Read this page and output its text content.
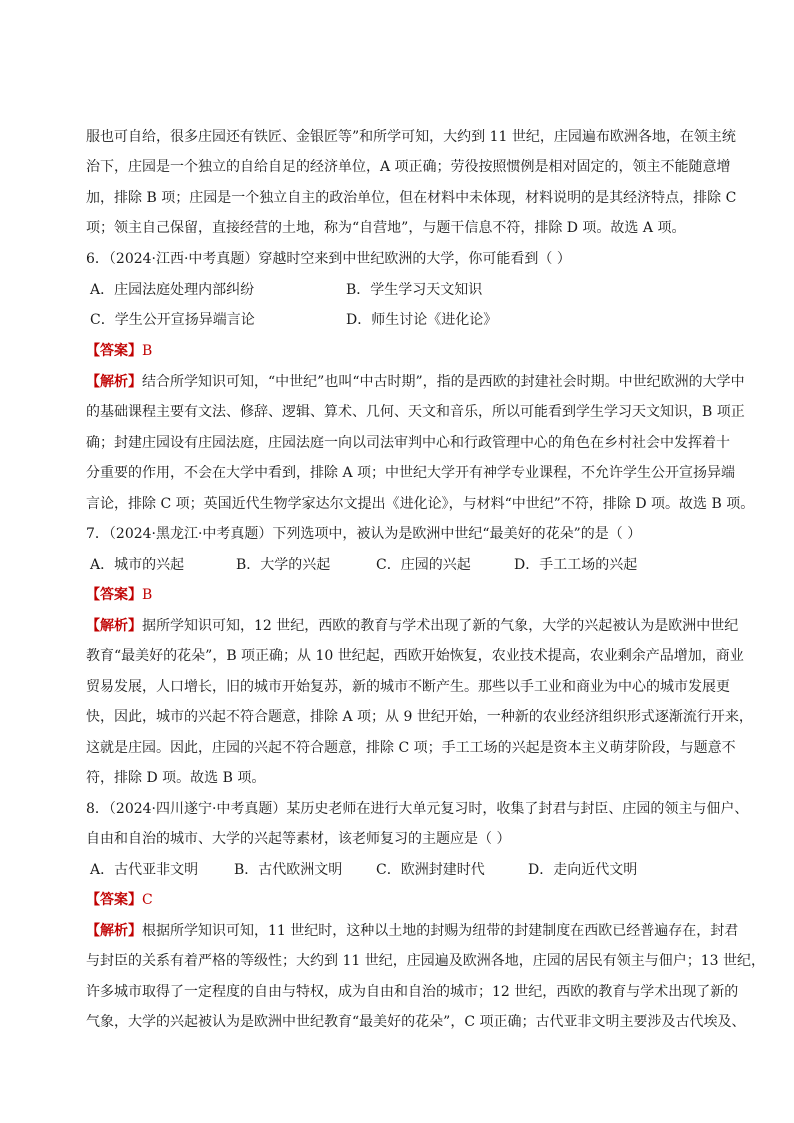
服也可自给，很多庄园还有铁匠、金银匠等”和所学可知，大约到 11 世纪，庄园遍布欧洲各地，在领主统
治下，庄园是一个独立的自给自足的经济单位，A 项正确；劳役按照惯例是相对固定的，领主不能随意增
加，排除 B 项；庄园是一个独立自主的政治单位，但在材料中未体现，材料说明的是其经济特点，排除 C
项；领主自己保留，直接经营的土地，称为“自营地”，与题干信息不符，排除 D 项。故选 A 项。
6．（2024·江西·中考真题）穿越时空来到中世纪欧洲的大学，你可能看到（ ）
A．庄园法庭处理内部纠纷	B．学生学习天文知识
C．学生公开宣扬异端言论	D．师生讨论《进化论》
【答案】B
【解析】结合所学知识可知，“中世纪”也叫“中古时期”，指的是西欧的封建社会时期。中世纪欧洲的大学中
的基础课程主要有文法、修辞、逻辑、算术、几何、天文和音乐，所以可能看到学生学习天文知识，B 项正
确；封建庄园设有庄园法庭，庄园法庭一向以司法审判中心和行政管理中心的角色在乡村社会中发挥着十
分重要的作用，不会在大学中看到，排除 A 项；中世纪大学开有神学专业课程，不允许学生公开宣扬异端
言论，排除 C 项；英国近代生物学家达尔文提出《进化论》，与材料“中世纪”不符，排除 D 项。故选 B 项。
7．（2024·黑龙江·中考真题）下列选项中，被认为是欧洲中世纪“最美好的花朵”的是（ ）
A．城市的兴起	B．大学的兴起	C．庄园的兴起	D．手工工场的兴起
【答案】B
【解析】据所学知识可知，12 世纪，西欧的教育与学术出现了新的气象，大学的兴起被认为是欧洲中世纪
教育“最美好的花朵”，B 项正确；从 10 世纪起，西欧开始恢复，农业技术提高，农业剩余产品增加，商业
贸易发展，人口增长，旧的城市开始复苏，新的城市不断产生。那些以手工业和商业为中心的城市发展更
快，因此，城市的兴起不符合题意，排除 A 项；从 9 世纪开始，一种新的农业经济组织形式逐渐流行开来，
这就是庄园。因此，庄园的兴起不符合题意，排除 C 项；手工工场的兴起是资本主义萌芽阶段，与题意不
符，排除 D 项。故选 B 项。
8．（2024·四川遂宁·中考真题）某历史老师在进行大单元复习时，收集了封君与封臣、庄园的领主与佃户、
自由和自治的城市、大学的兴起等素材，该老师复习的主题应是（ ）
A．古代亚非文明	B．古代欧洲文明 C．欧洲封建时代	D．走向近代文明
【答案】C
【解析】根据所学知识可知，11 世纪时，这种以土地的封赐为纽带的封建制度在西欧已经普遍存在，封君
与封臣的关系有着严格的等级性；大约到 11 世纪，庄园遍及欧洲各地，庄园的居民有领主与佃户；13 世纪，
许多城市取得了一定程度的自由与特权，成为自由和自治的城市；12 世纪，西欧的教育与学术出现了新的
气象，大学的兴起被认为是欧洲中世纪教育“最美好的花朵”，C 项正确；古代亚非文明主要涉及古代埃及、
